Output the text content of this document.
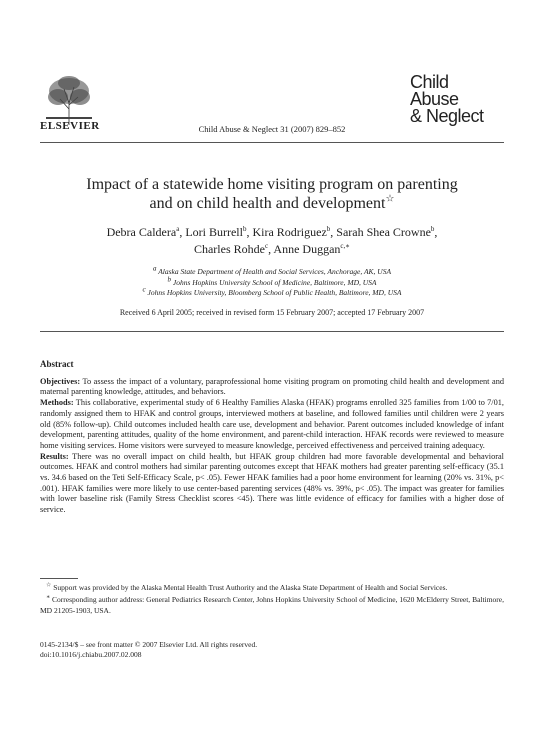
ELSEVIER	Child Abuse & Neglect 31 (2007) 829–852
Child Abuse
& Neglect
Impact of a statewide home visiting program on parenting
and on child health and development☆
Debra Caldera$^a$, Lori Burrell$^b$, Kira Rodriguez$^b$, Sarah Shea Crowne$^b$,
Charles Rohde$^c$, Anne Duggan$^{c,∗}$
$^a$ Alaska State Department of Health and Social Services, Anchorage, AK, USA
$^b$ Johns Hopkins University School of Medicine, Baltimore, MD, USA
$^c$ Johns Hopkins University, Bloomberg School of Public Health, Baltimore, MD, USA
Received 6 April 2005; received in revised form 15 February 2007; accepted 17 February 2007
Abstract

Objectives: To assess the impact of a voluntary, paraprofessional home visiting program on promoting child health and development and maternal parenting knowledge, attitudes, and behaviors.

Methods: This collaborative, experimental study of 6 Healthy Families Alaska (HFAK) programs enrolled 325 families from 1/00 to 7/01, randomly assigned them to HFAK and control groups, interviewed mothers at baseline, and followed families until children were 2 years old (85% follow-up). Child outcomes included health care use, development and behavior. Parent outcomes included knowledge of infant development, parenting attitudes, quality of the home environment, and parent-child interaction. HFAK records were reviewed to measure home visiting services. Home visitors were surveyed to measure knowledge, perceived effectiveness and perceived training adequacy.

Results: There was no overall impact on child health, but HFAK group children had more favorable developmental and behavioral outcomes. HFAK and control mothers had similar parenting outcomes except that HFAK mothers had greater parenting self-efficacy (35.1 vs. 34.6 based on the Teti Self-Efficacy Scale, p< .05). Fewer HFAK families had a poor home environment for learning (20% vs. 31%, p< .001). HFAK families were more likely to use center-based parenting services (48% vs. 39%, p< .05). The impact was greater for families with lower baseline risk (Family Stress Checklist scores <45). There was little evidence of efficacy for families with a higher dose of service.

☆ Support was provided by the Alaska Mental Health Trust Authority and the Alaska State Department of Health and Social Services.

∗ Corresponding author address: General Pediatrics Research Center, Johns Hopkins University School of Medicine, 1620 McElderry Street, Baltimore, MD 21205-1903, USA.

0145-2134/$ – see front matter © 2007 Elsevier Ltd. All rights reserved.
doi:10.1016/j.chiabu.2007.02.008
